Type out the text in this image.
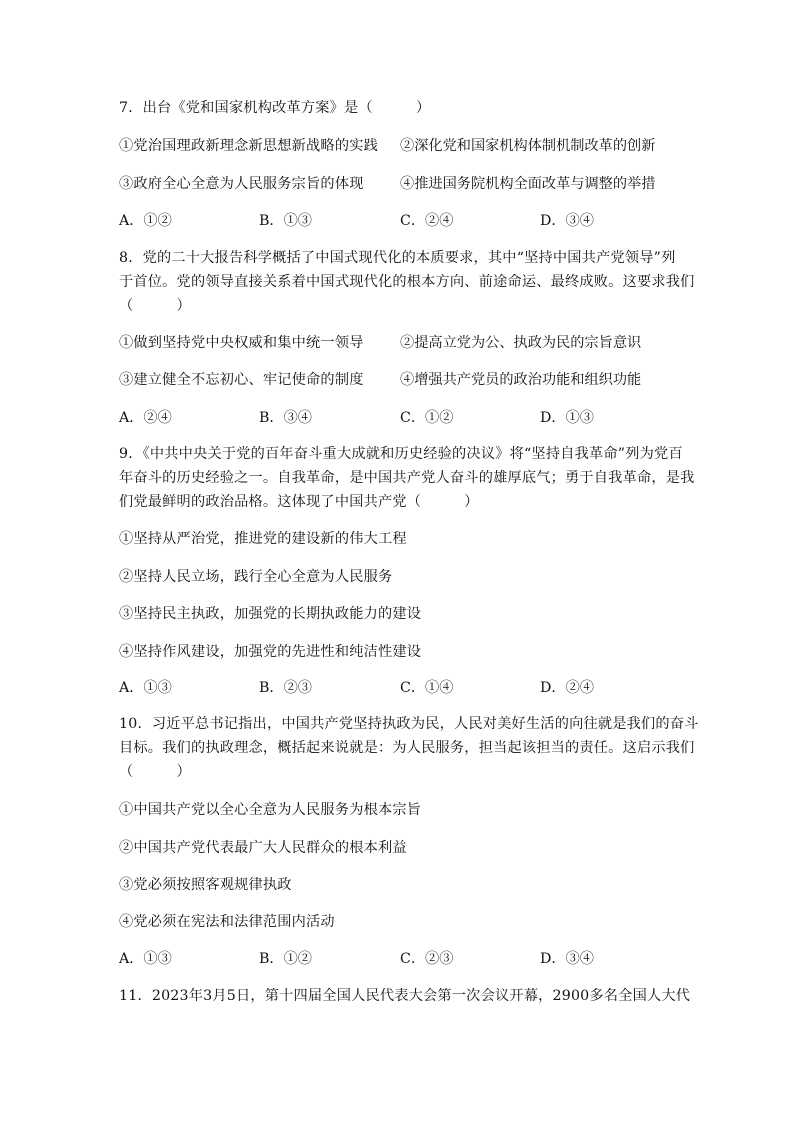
7．出台《党和国家机构改革方案》是（　　　）
①党治国理政新理念新思想新战略的实践 ②深化党和国家机构体制机制改革的创新
③政府全心全意为人民服务宗旨的体现	④推进国务院机构全面改革与调整的举措
A．①②	B．①③	C．②④	D．③④
8．党的二十大报告科学概括了中国式现代化的本质要求，其中“坚持中国共产党领导”列
于首位。党的领导直接关系着中国式现代化的根本方向、前途命运、最终成败。这要求我们
（　　　）
①做到坚持党中央权威和集中统一领导	②提高立党为公、执政为民的宗旨意识
③建立健全不忘初心、牢记使命的制度	④增强共产党员的政治功能和组织功能
A．②④	B．③④	C．①②	D．①③
9．《中共中央关于党的百年奋斗重大成就和历史经验的决议》将“坚持自我革命”列为党百
年奋斗的历史经验之一。自我革命，是中国共产党人奋斗的雄厚底气；勇于自我革命，是我
们党最鲜明的政治品格。这体现了中国共产党（　　　）
①坚持从严治党，推进党的建设新的伟大工程
②坚持人民立场，践行全心全意为人民服务
③坚持民主执政，加强党的长期执政能力的建设
④坚持作风建设，加强党的先进性和纯洁性建设
A．①③	B．②③	C．①④	D．②④
10．习近平总书记指出，中国共产党坚持执政为民，人民对美好生活的向往就是我们的奋斗
目标。我们的执政理念，概括起来说就是：为人民服务，担当起该担当的责任。这启示我们
（　　　）
①中国共产党以全心全意为人民服务为根本宗旨
②中国共产党代表最广大人民群众的根本利益
③党必须按照客观规律执政
④党必须在宪法和法律范围内活动
A．①③	B．①②	C．②③	D．③④
11．2023年3月5日，第十四届全国人民代表大会第一次会议开幕，2900多名全国人大代
